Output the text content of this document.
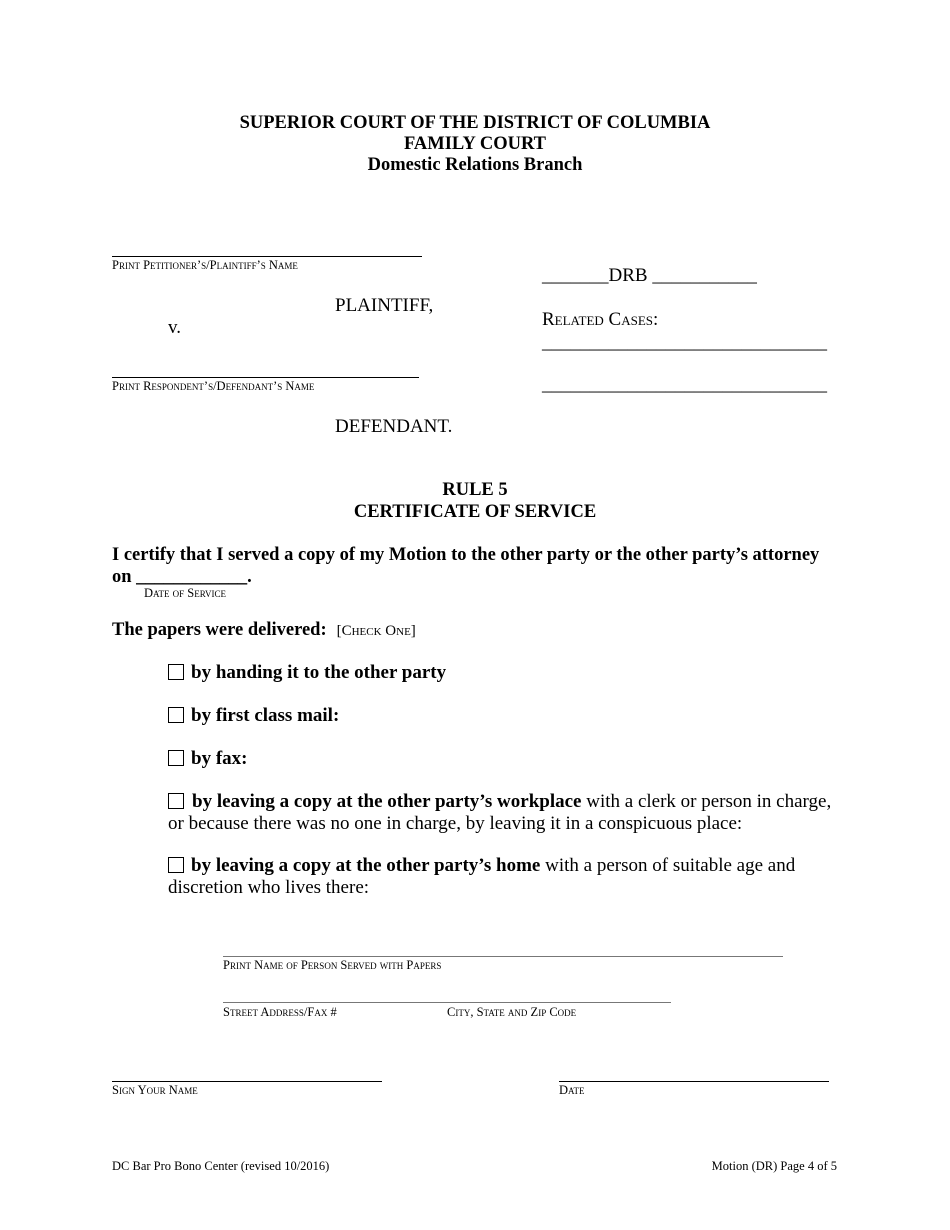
SUPERIOR COURT OF THE DISTRICT OF COLUMBIA
FAMILY COURT
Domestic Relations Branch
Print Petitioner’s/Plaintiff’s Name
PLAINTIFF,
v.
Print Respondent’s/Defendant’s Name
DEFENDANT.
_______DRB ___________
Related Cases:
______________________________
______________________________
RULE 5
CERTIFICATE OF SERVICE
I certify that I served a copy of my Motion to the other party or the other party’s attorney
on ____________.
Date of Service
The papers were delivered: [Check One]
by handing it to the other party
by first class mail:
by fax:
by leaving a copy at the other party’s workplace with a clerk or person in charge,
or because there was no one in charge, by leaving it in a conspicuous place:
by leaving a copy at the other party’s home with a person of suitable age and
discretion who lives there:
Print Name of Person Served with Papers
Street Address/Fax #	City, State and Zip Code
Sign Your Name	Date
DC Bar Pro Bono Center (revised 10/2016)	Motion (DR) Page 4 of 5
